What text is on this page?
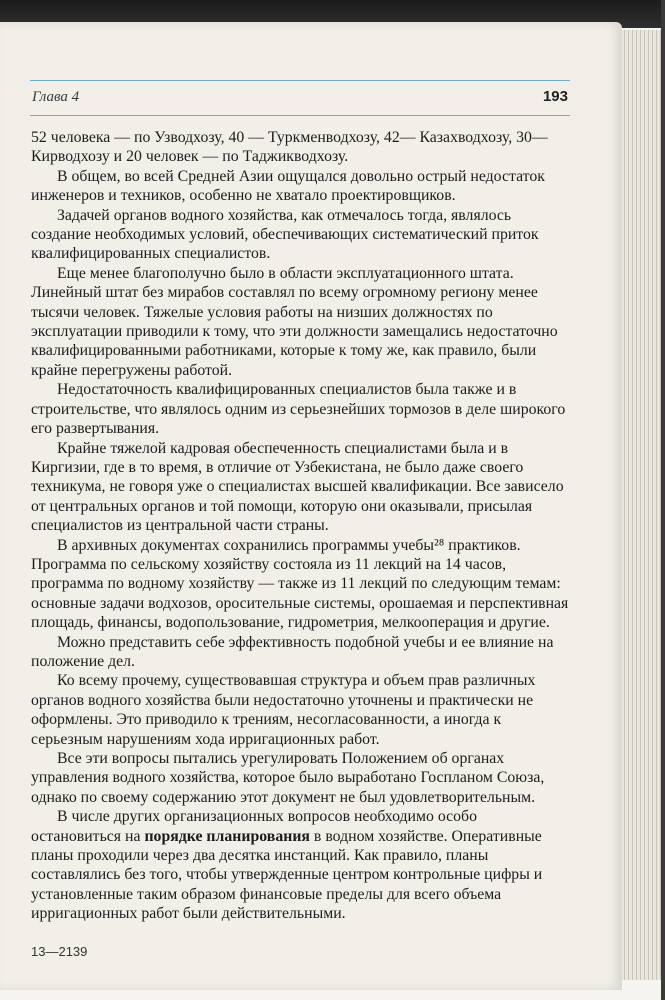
Глава 4	193

52 человека — по Узводхозу, 40 — Туркменводхозу, 42— Казахводхозу, 30— Кирводхозу и 20 человек — по Таджикводхозу.

В общем, во всей Средней Азии ощущался довольно острый недостаток инженеров и техников, особенно не хватало проектировщиков.

Задачей органов водного хозяйства, как отмечалось тогда, являлось создание необходимых условий, обеспечивающих систематический приток квалифицированных специалистов.

Еще менее благополучно было в области эксплуатационного штата. Линейный штат без мирабов составлял по всему огромному региону менее тысячи человек. Тяжелые условия работы на низших должностях по эксплуатации приводили к тому, что эти должности замещались недостаточно квалифицированными работниками, которые к тому же, как правило, были крайне перегружены работой.

Недостаточность квалифицированных специалистов была также и в строительстве, что являлось одним из серьезнейших тормозов в деле широкого его развертывания.

Крайне тяжелой кадровая обеспеченность специалистами была и в Киргизии, где в то время, в отличие от Узбекистана, не было даже своего техникума, не говоря уже о специалистах высшей квалификации. Все зависело от центральных органов и той помощи, которую они оказывали, присылая специалистов из центральной части страны.

В архивных документах сохранились программы учебы²⁸ практиков. Программа по сельскому хозяйству состояла из 11 лекций на 14 часов, программа по водному хозяйству — также из 11 лекций по следующим темам: основные задачи водхозов, оросительные системы, орошаемая и перспективная площадь, финансы, водопользование, гидрометрия, мелкооперация и другие.

Можно представить себе эффективность подобной учебы и ее влияние на положение дел.

Ко всему прочему, существовавшая структура и объем прав различных органов водного хозяйства были недостаточно уточнены и практически не оформлены. Это приводило к трениям, несогласованности, а иногда к серьезным нарушениям хода ирригационных работ.

Все эти вопросы пытались урегулировать Положением об органах управления водного хозяйства, которое было выработано Госпланом Союза, однако по своему содержанию этот документ не был удовлетворительным.

В числе других организационных вопросов необходимо особо остановиться на порядке планирования в водном хозяйстве. Оперативные планы проходили через два десятка инстанций. Как правило, планы составлялись без того, чтобы утвержденные центром контрольные цифры и установленные таким образом финансовые пределы для всего объема ирригационных работ были действительными.

13—2139
